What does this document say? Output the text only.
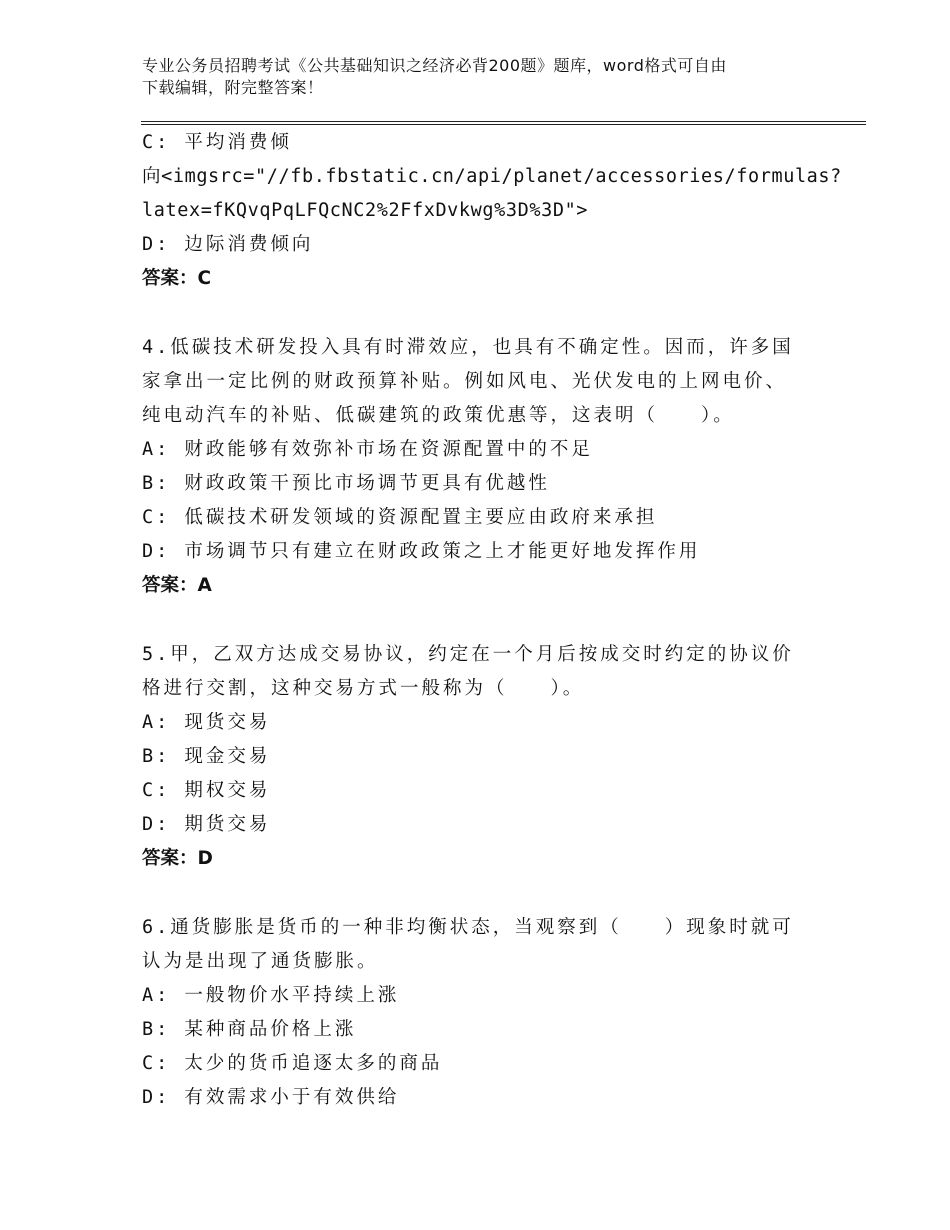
专业公务员招聘考试《公共基础知识之经济必背200题》题库，word格式可自由
下载编辑，附完整答案！
C: 平均消费倾
向<imgsrc="//fb.fbstatic.cn/api/planet/accessories/formulas?
latex=fKQvqPqLFQcNC2%2FfxDvkwg%3D%3D">
D: 边际消费倾向
答案：C
4.低碳技术研发投入具有时滞效应，也具有不确定性。因而，许多国
家拿出一定比例的财政预算补贴。例如风电、光伏发电的上网电价、
纯电动汽车的补贴、低碳建筑的政策优惠等，这表明（　　）。
A: 财政能够有效弥补市场在资源配置中的不足
B: 财政政策干预比市场调节更具有优越性
C: 低碳技术研发领域的资源配置主要应由政府来承担
D: 市场调节只有建立在财政政策之上才能更好地发挥作用
答案：A
5.甲，乙双方达成交易协议，约定在一个月后按成交时约定的协议价
格进行交割，这种交易方式一般称为（　　）。
A: 现货交易
B: 现金交易
C: 期权交易
D: 期货交易
答案：D
6.通货膨胀是货币的一种非均衡状态，当观察到（　　）现象时就可
认为是出现了通货膨胀。
A: 一般物价水平持续上涨
B: 某种商品价格上涨
C: 太少的货币追逐太多的商品
D: 有效需求小于有效供给
